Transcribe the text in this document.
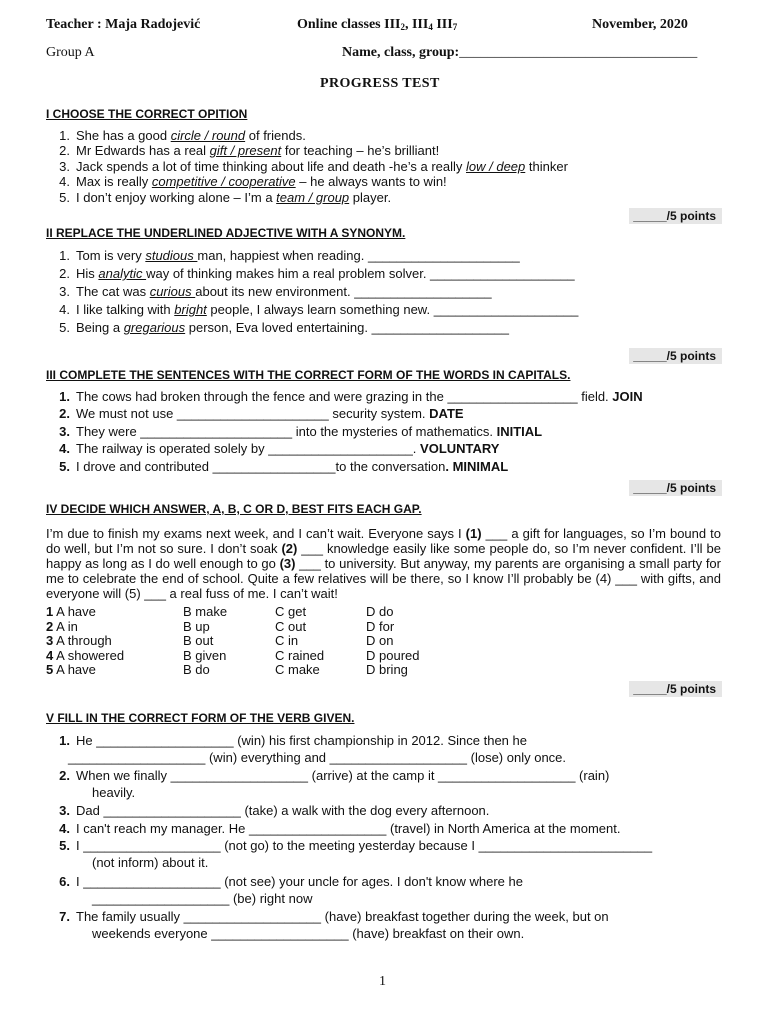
Teacher : Maja Radojević	Online classes $III_2$, $III_4$ $III_7$	November, 2020
Group A	Name, class, group:__________________________________
PROGRESS TEST
I CHOOSE THE CORRECT OPITION
1. She has a good circle / round of friends.
2. Mr Edwards has a real gift / present for teaching – he’s brilliant!
3. Jack spends a lot of time thinking about life and death -he’s a really low / deep thinker
4. Max is really competitive / cooperative – he always wants to win!
5. I don’t enjoy working alone – I’m a team / group player.
_____/5 points
II REPLACE THE UNDERLINED ADJECTIVE WITH A SYNONYM.
1. Tom is very studious man, happiest when reading. _____________________
2. His analytic way of thinking makes him a real problem solver. ____________________
3. The cat was curious about its new environment. ___________________
4. I like talking with bright people, I always learn something new. ____________________
5. Being a gregarious person, Eva loved entertaining. ___________________
_____/5 points
III COMPLETE THE SENTENCES WITH THE CORRECT FORM OF THE WORDS IN CAPITALS.
1. The cows had broken through the fence and were grazing in the __________________ field. JOIN
2. We must not use _____________________ security system. DATE
3. They were _____________________ into the mysteries of mathematics. INITIAL
4. The railway is operated solely by ____________________. VOLUNTARY
5. I drove and contributed _________________to the conversation. MINIMAL
_____/5 points
IV DECIDE WHICH ANSWER, A, B, C OR D, BEST FITS EACH GAP.
I’m due to finish my exams next week, and I can’t wait. Everyone says I (1) ___ a gift for languages, so I’m bound to do well, but I’m not so sure. I don’t soak (2) ___ knowledge easily like some people do, so I’m never confident. I’ll be happy as long as I do well enough to go (3) ___ to university. But anyway, my parents are organising a small party for me to celebrate the end of school. Quite a few relatives will be there, so I know I’ll probably be (4) ___ with gifts, and everyone will (5) ___ a real fuss of me. I can’t wait!
1 A have	B make	C get	D do
2 A in	B up	C out	D for
3 A through	B out	C in	D on
4 A showered	B given	C rained	D poured
5 A have	B do	C make	D bring
_____/5 points
V FILL IN THE CORRECT FORM OF THE VERB GIVEN.
1. He ___________________ (win) his first championship in 2012. Since then he
___________________ (win) everything and ___________________ (lose) only once.
2. When we finally ___________________ (arrive) at the camp it ___________________ (rain)
heavily.
3. Dad ___________________ (take) a walk with the dog every afternoon.
4. I can't reach my manager. He ___________________ (travel) in North America at the moment.
5. I ___________________ (not go) to the meeting yesterday because I ________________________
(not inform) about it.
6. I ___________________ (not see) your uncle for ages. I don't know where he
___________________ (be) right now
7. The family usually ___________________ (have) breakfast together during the week, but on
weekends everyone ___________________ (have) breakfast on their own.
1
